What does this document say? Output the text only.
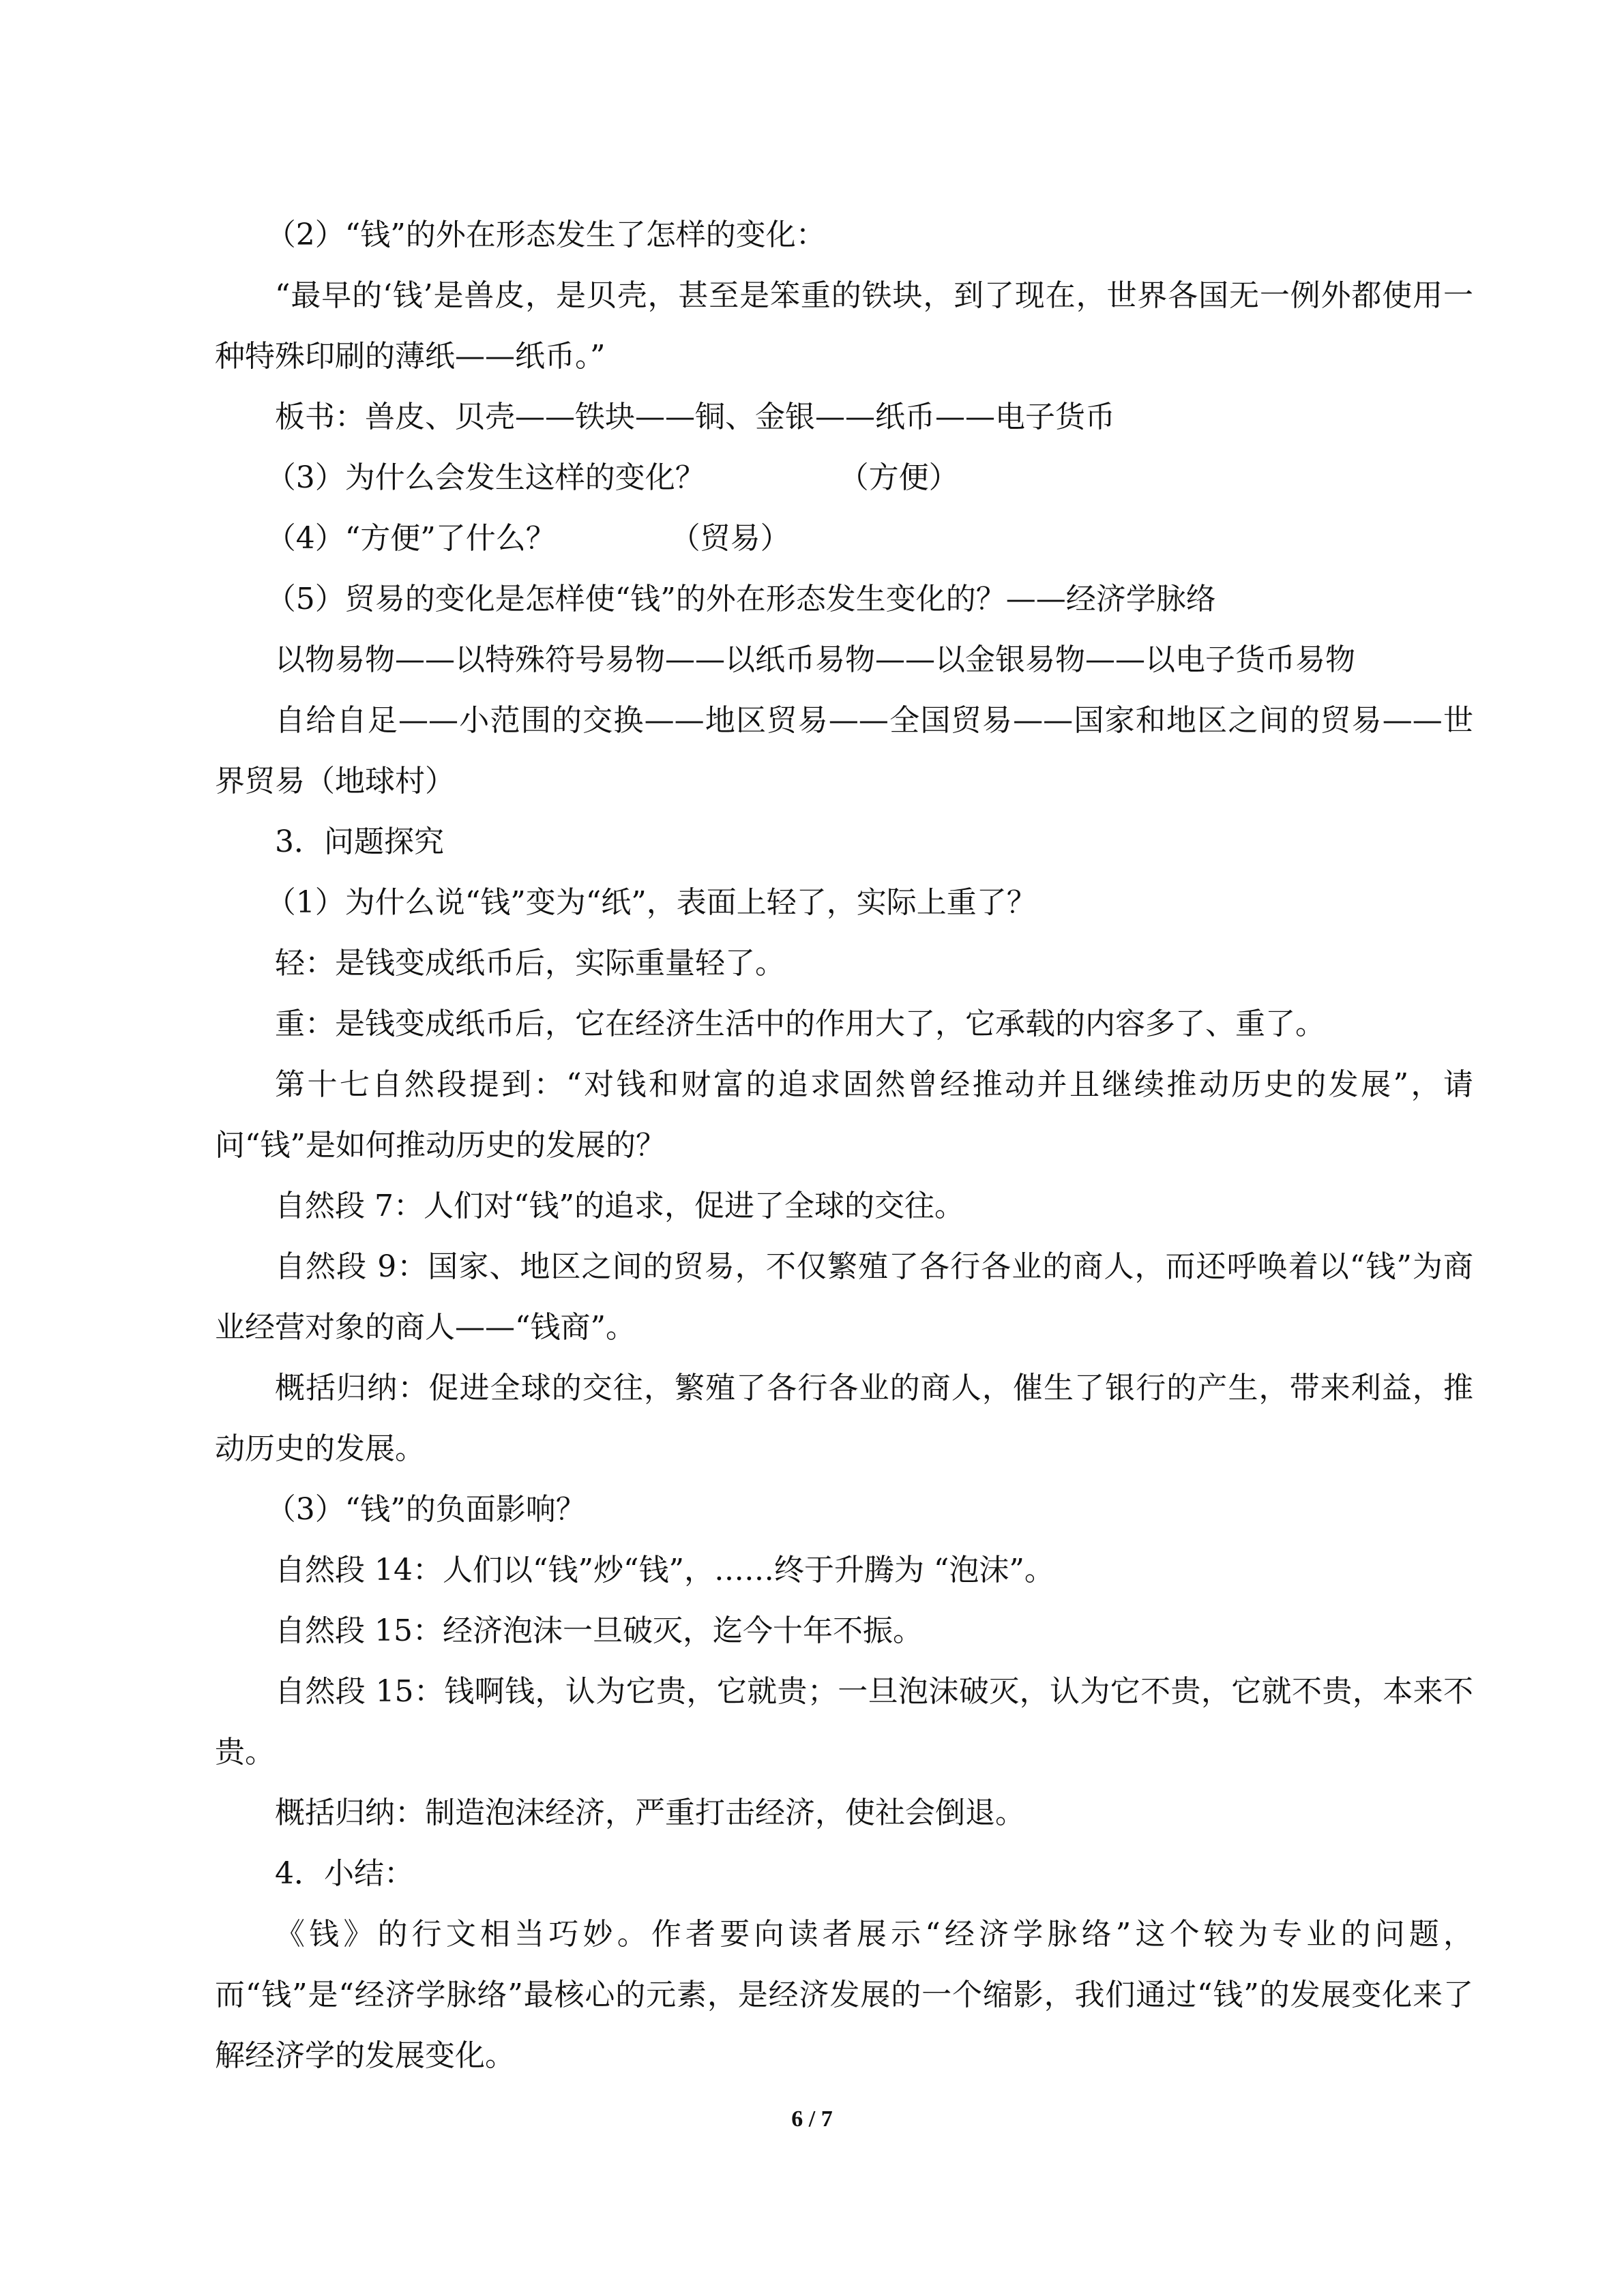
（2）“钱”的外在形态发生了怎样的变化：

“最早的‘钱’是兽皮，是贝壳，甚至是笨重的铁块，到了现在，世界各国无一例外都使用一种特殊印刷的薄纸——纸币。”

板书：兽皮、贝壳——铁块——铜、金银——纸币——电子货币

（3）为什么会发生这样的变化？              （方便）

（4）“方便”了什么？            （贸易）

（5）贸易的变化是怎样使“钱”的外在形态发生变化的？——经济学脉络

以物易物——以特殊符号易物——以纸币易物——以金银易物——以电子货币易物

自给自足——小范围的交换——地区贸易——全国贸易——国家和地区之间的贸易——世界贸易（地球村）

3．问题探究

（1）为什么说“钱”变为“纸”，表面上轻了，实际上重了？

轻：是钱变成纸币后，实际重量轻了。

重：是钱变成纸币后，它在经济生活中的作用大了，它承载的内容多了、重了。

第十七自然段提到：“对钱和财富的追求固然曾经推动并且继续推动历史的发展”，请问“钱”是如何推动历史的发展的？

自然段 7：人们对“钱”的追求，促进了全球的交往。

自然段 9：国家、地区之间的贸易，不仅繁殖了各行各业的商人，而还呼唤着以“钱”为商业经营对象的商人——“钱商”。

概括归纳：促进全球的交往，繁殖了各行各业的商人，催生了银行的产生，带来利益，推动历史的发展。

（3）“钱”的负面影响？

自然段 14：人们以“钱”炒“钱”，……终于升腾为 “泡沫”。

自然段 15：经济泡沫一旦破灭，迄今十年不振。

自然段 15：钱啊钱，认为它贵，它就贵；一旦泡沫破灭，认为它不贵，它就不贵，本来不贵。

概括归纳：制造泡沫经济，严重打击经济，使社会倒退。

4．小结：

《钱》的行文相当巧妙。作者要向读者展示“经济学脉络”这个较为专业的问题，而“钱”是“经济学脉络”最核心的元素，是经济发展的一个缩影，我们通过“钱”的发展变化来了解经济学的发展变化。

6 / 7
